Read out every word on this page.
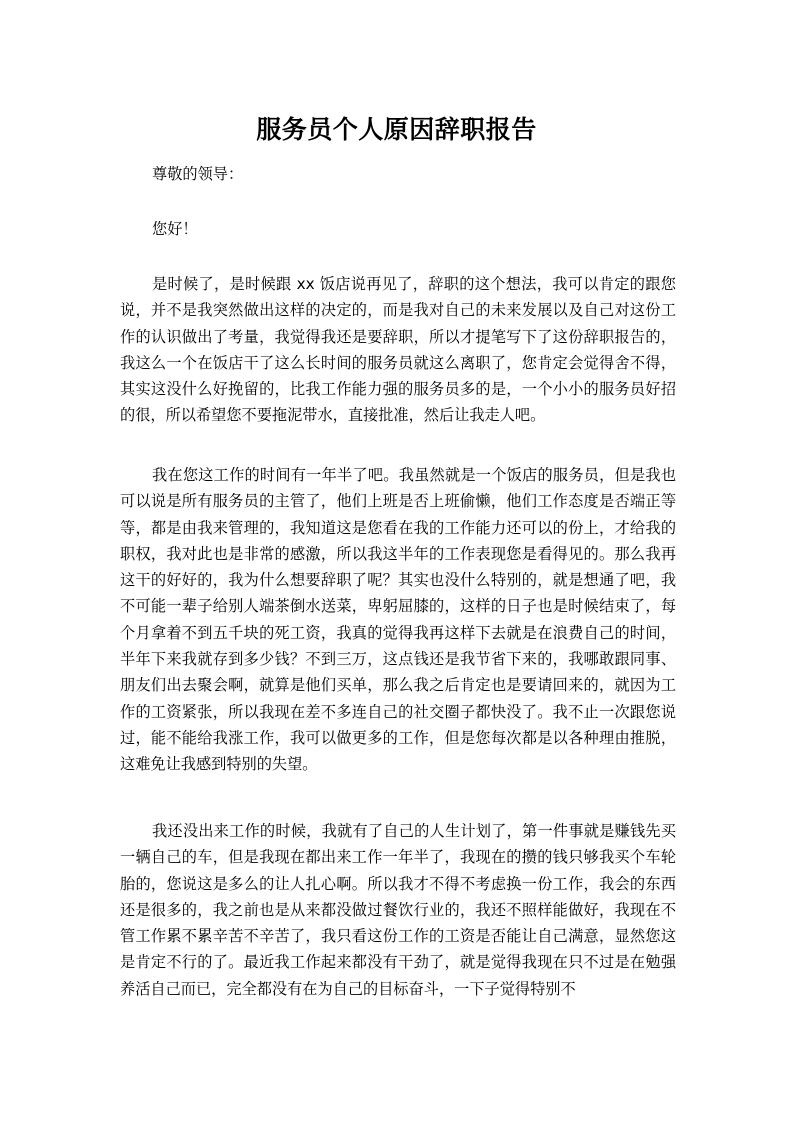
服务员个人原因辞职报告

尊敬的领导：

您好！

是时候了，是时候跟 xx 饭店说再见了，辞职的这个想法，我可以肯定的跟您说，并不是我突然做出这样的决定的，而是我对自己的未来发展以及自己对这份工作的认识做出了考量，我觉得我还是要辞职，所以才提笔写下了这份辞职报告的，我这么一个在饭店干了这么长时间的服务员就这么离职了，您肯定会觉得舍不得，其实这没什么好挽留的，比我工作能力强的服务员多的是，一个小小的服务员好招的很，所以希望您不要拖泥带水，直接批准，然后让我走人吧。

我在您这工作的时间有一年半了吧。我虽然就是一个饭店的服务员，但是我也可以说是所有服务员的主管了，他们上班是否上班偷懒，他们工作态度是否端正等等，都是由我来管理的，我知道这是您看在我的工作能力还可以的份上，才给我的职权，我对此也是非常的感激，所以我这半年的工作表现您是看得见的。那么我再这干的好好的，我为什么想要辞职了呢？其实也没什么特别的，就是想通了吧，我不可能一辈子给别人端茶倒水送菜，卑躬屈膝的，这样的日子也是时候结束了，每个月拿着不到五千块的死工资，我真的觉得我再这样下去就是在浪费自己的时间，半年下来我就存到多少钱？不到三万，这点钱还是我节省下来的，我哪敢跟同事、朋友们出去聚会啊，就算是他们买单，那么我之后肯定也是要请回来的，就因为工作的工资紧张，所以我现在差不多连自己的社交圈子都快没了。我不止一次跟您说过，能不能给我涨工作，我可以做更多的工作，但是您每次都是以各种理由推脱，这难免让我感到特别的失望。

我还没出来工作的时候，我就有了自己的人生计划了，第一件事就是赚钱先买一辆自己的车，但是我现在都出来工作一年半了，我现在的攒的钱只够我买个车轮胎的，您说这是多么的让人扎心啊。所以我才不得不考虑换一份工作，我会的东西还是很多的，我之前也是从来都没做过餐饮行业的，我还不照样能做好，我现在不管工作累不累辛苦不辛苦了，我只看这份工作的工资是否能让自己满意，显然您这是肯定不行的了。最近我工作起来都没有干劲了，就是觉得我现在只不过是在勉强养活自己而已，完全都没有在为自己的目标奋斗，一下子觉得特别不
